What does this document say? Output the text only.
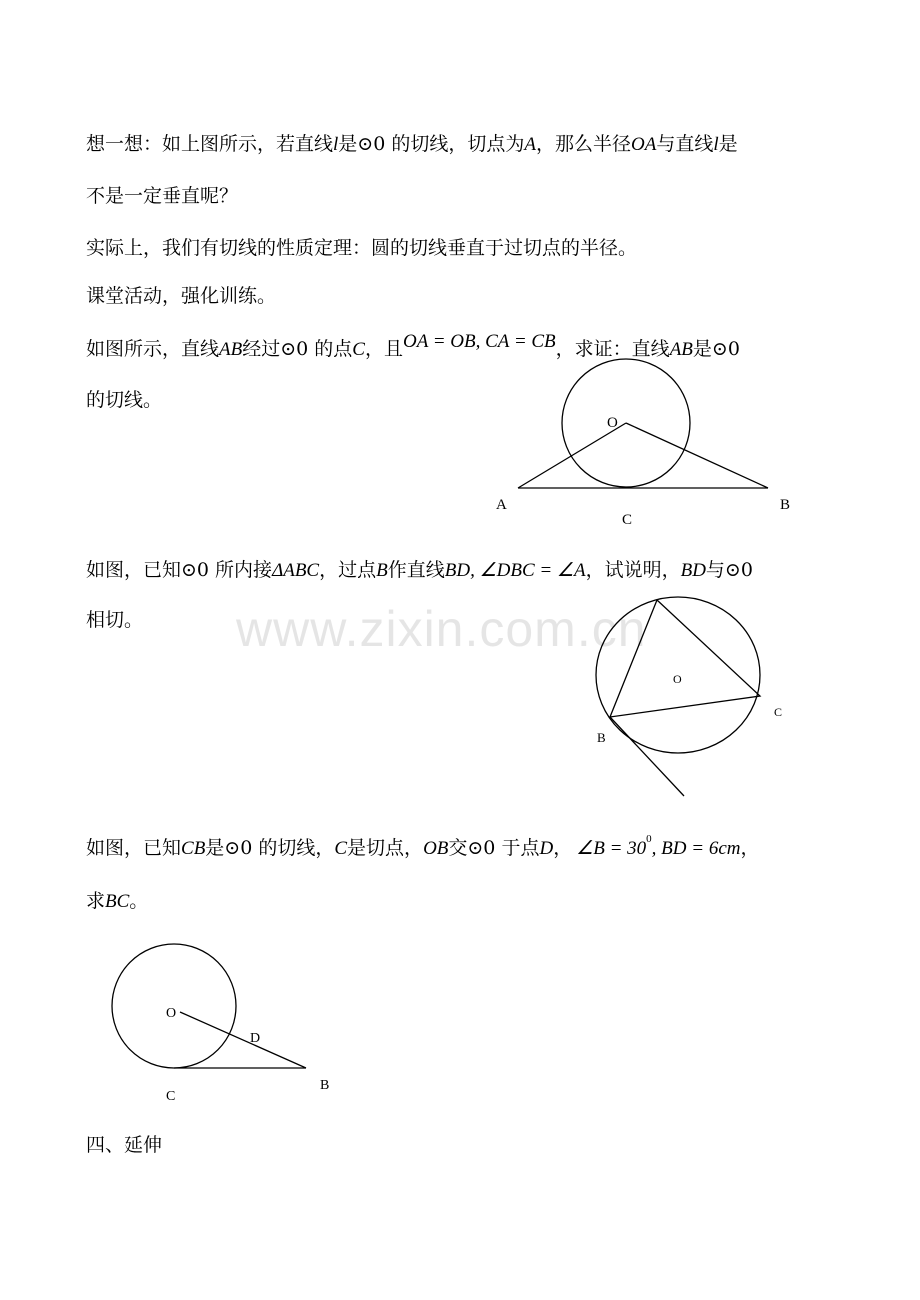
想一想：如上图所示，若直线l是⊙0 的切线，切点为A，那么半径OA与直线l是
不是一定垂直呢？
实际上，我们有切线的性质定理：圆的切线垂直于过切点的半径。
课堂活动，强化训练。
如图所示，直线AB经过⊙0 的点C，且OA = OB, CA = CB，求证：直线AB是⊙0
的切线。
如图，已知⊙0 所内接ΔABC，过点B作直线BD, ∠DBC = ∠A，试说明，BD与⊙0
相切。
如图，已知CB是⊙0 的切线，C是切点，OB交⊙0 于点D， ∠B = $30^0$, BD = 6cm，
求BC。
四、延伸
www.zixin.com.cn
O
A	B
C
O
B
C
O
D
C
B
